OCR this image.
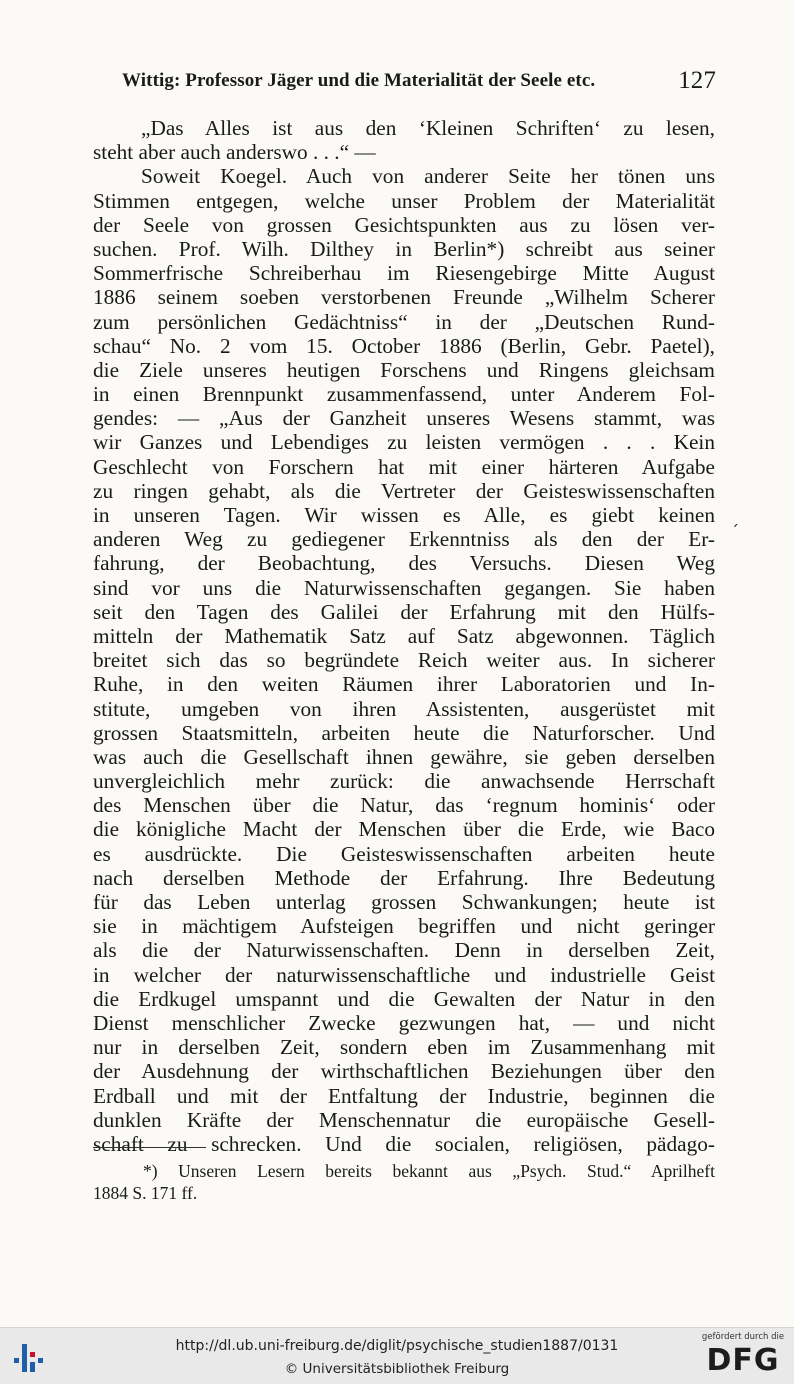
Wittig: Professor Jäger und die Materialität der Seele etc.	127
„Das Alles ist aus den ‘Kleinen Schriften‘ zu lesen,
steht aber auch anderswo . . .“ —
Soweit Koegel. Auch von anderer Seite her tönen uns
Stimmen entgegen, welche unser Problem der Materialität
der Seele von grossen Gesichtspunkten aus zu lösen ver-
suchen. Prof. Wilh. Dilthey in Berlin*) schreibt aus seiner
Sommerfrische Schreiberhau im Riesengebirge Mitte August
1886 seinem soeben verstorbenen Freunde „Wilhelm Scherer
zum persönlichen Gedächtniss“ in der „Deutschen Rund-
schau“ No. 2 vom 15. October 1886 (Berlin, Gebr. Paetel),
die Ziele unseres heutigen Forschens und Ringens gleichsam
in einen Brennpunkt zusammenfassend, unter Anderem Fol-
gendes: — „Aus der Ganzheit unseres Wesens stammt, was
wir Ganzes und Lebendiges zu leisten vermögen . . . Kein
Geschlecht von Forschern hat mit einer härteren Aufgabe
zu ringen gehabt, als die Vertreter der Geisteswissenschaften
in unseren Tagen. Wir wissen es Alle, es giebt keinen
anderen Weg zu gediegener Erkenntniss als den der Er-
fahrung, der Beobachtung, des Versuchs. Diesen Weg
sind vor uns die Naturwissenschaften gegangen. Sie haben
seit den Tagen des Galilei der Erfahrung mit den Hülfs-
mitteln der Mathematik Satz auf Satz abgewonnen. Täglich
breitet sich das so begründete Reich weiter aus. In sicherer
Ruhe, in den weiten Räumen ihrer Laboratorien und In-
stitute, umgeben von ihren Assistenten, ausgerüstet mit
grossen Staatsmitteln, arbeiten heute die Naturforscher. Und
was auch die Gesellschaft ihnen gewähre, sie geben derselben
unvergleichlich mehr zurück: die anwachsende Herrschaft
des Menschen über die Natur, das ‘regnum hominis‘ oder
die königliche Macht der Menschen über die Erde, wie Baco
es ausdrückte. Die Geisteswissenschaften arbeiten heute
nach derselben Methode der Erfahrung. Ihre Bedeutung
für das Leben unterlag grossen Schwankungen; heute ist
sie in mächtigem Aufsteigen begriffen und nicht geringer
als die der Naturwissenschaften. Denn in derselben Zeit,
in welcher der naturwissenschaftliche und industrielle Geist
die Erdkugel umspannt und die Gewalten der Natur in den
Dienst menschlicher Zwecke gezwungen hat, — und nicht
nur in derselben Zeit, sondern eben im Zusammenhang mit
der Ausdehnung der wirthschaftlichen Beziehungen über den
Erdball und mit der Entfaltung der Industrie, beginnen die
dunklen Kräfte der Menschennatur die europäische Gesell-
schaft zu schrecken. Und die socialen, religiösen, pädago-
´
*) Unseren Lesern bereits bekannt aus „Psych. Stud.“ Aprilheft
1884 S. 171 ff.
http://dl.ub.uni-freiburg.de/diglit/psychische_studien1887/0131
© Universitätsbibliothek Freiburg
gefördert durch die
DFG
